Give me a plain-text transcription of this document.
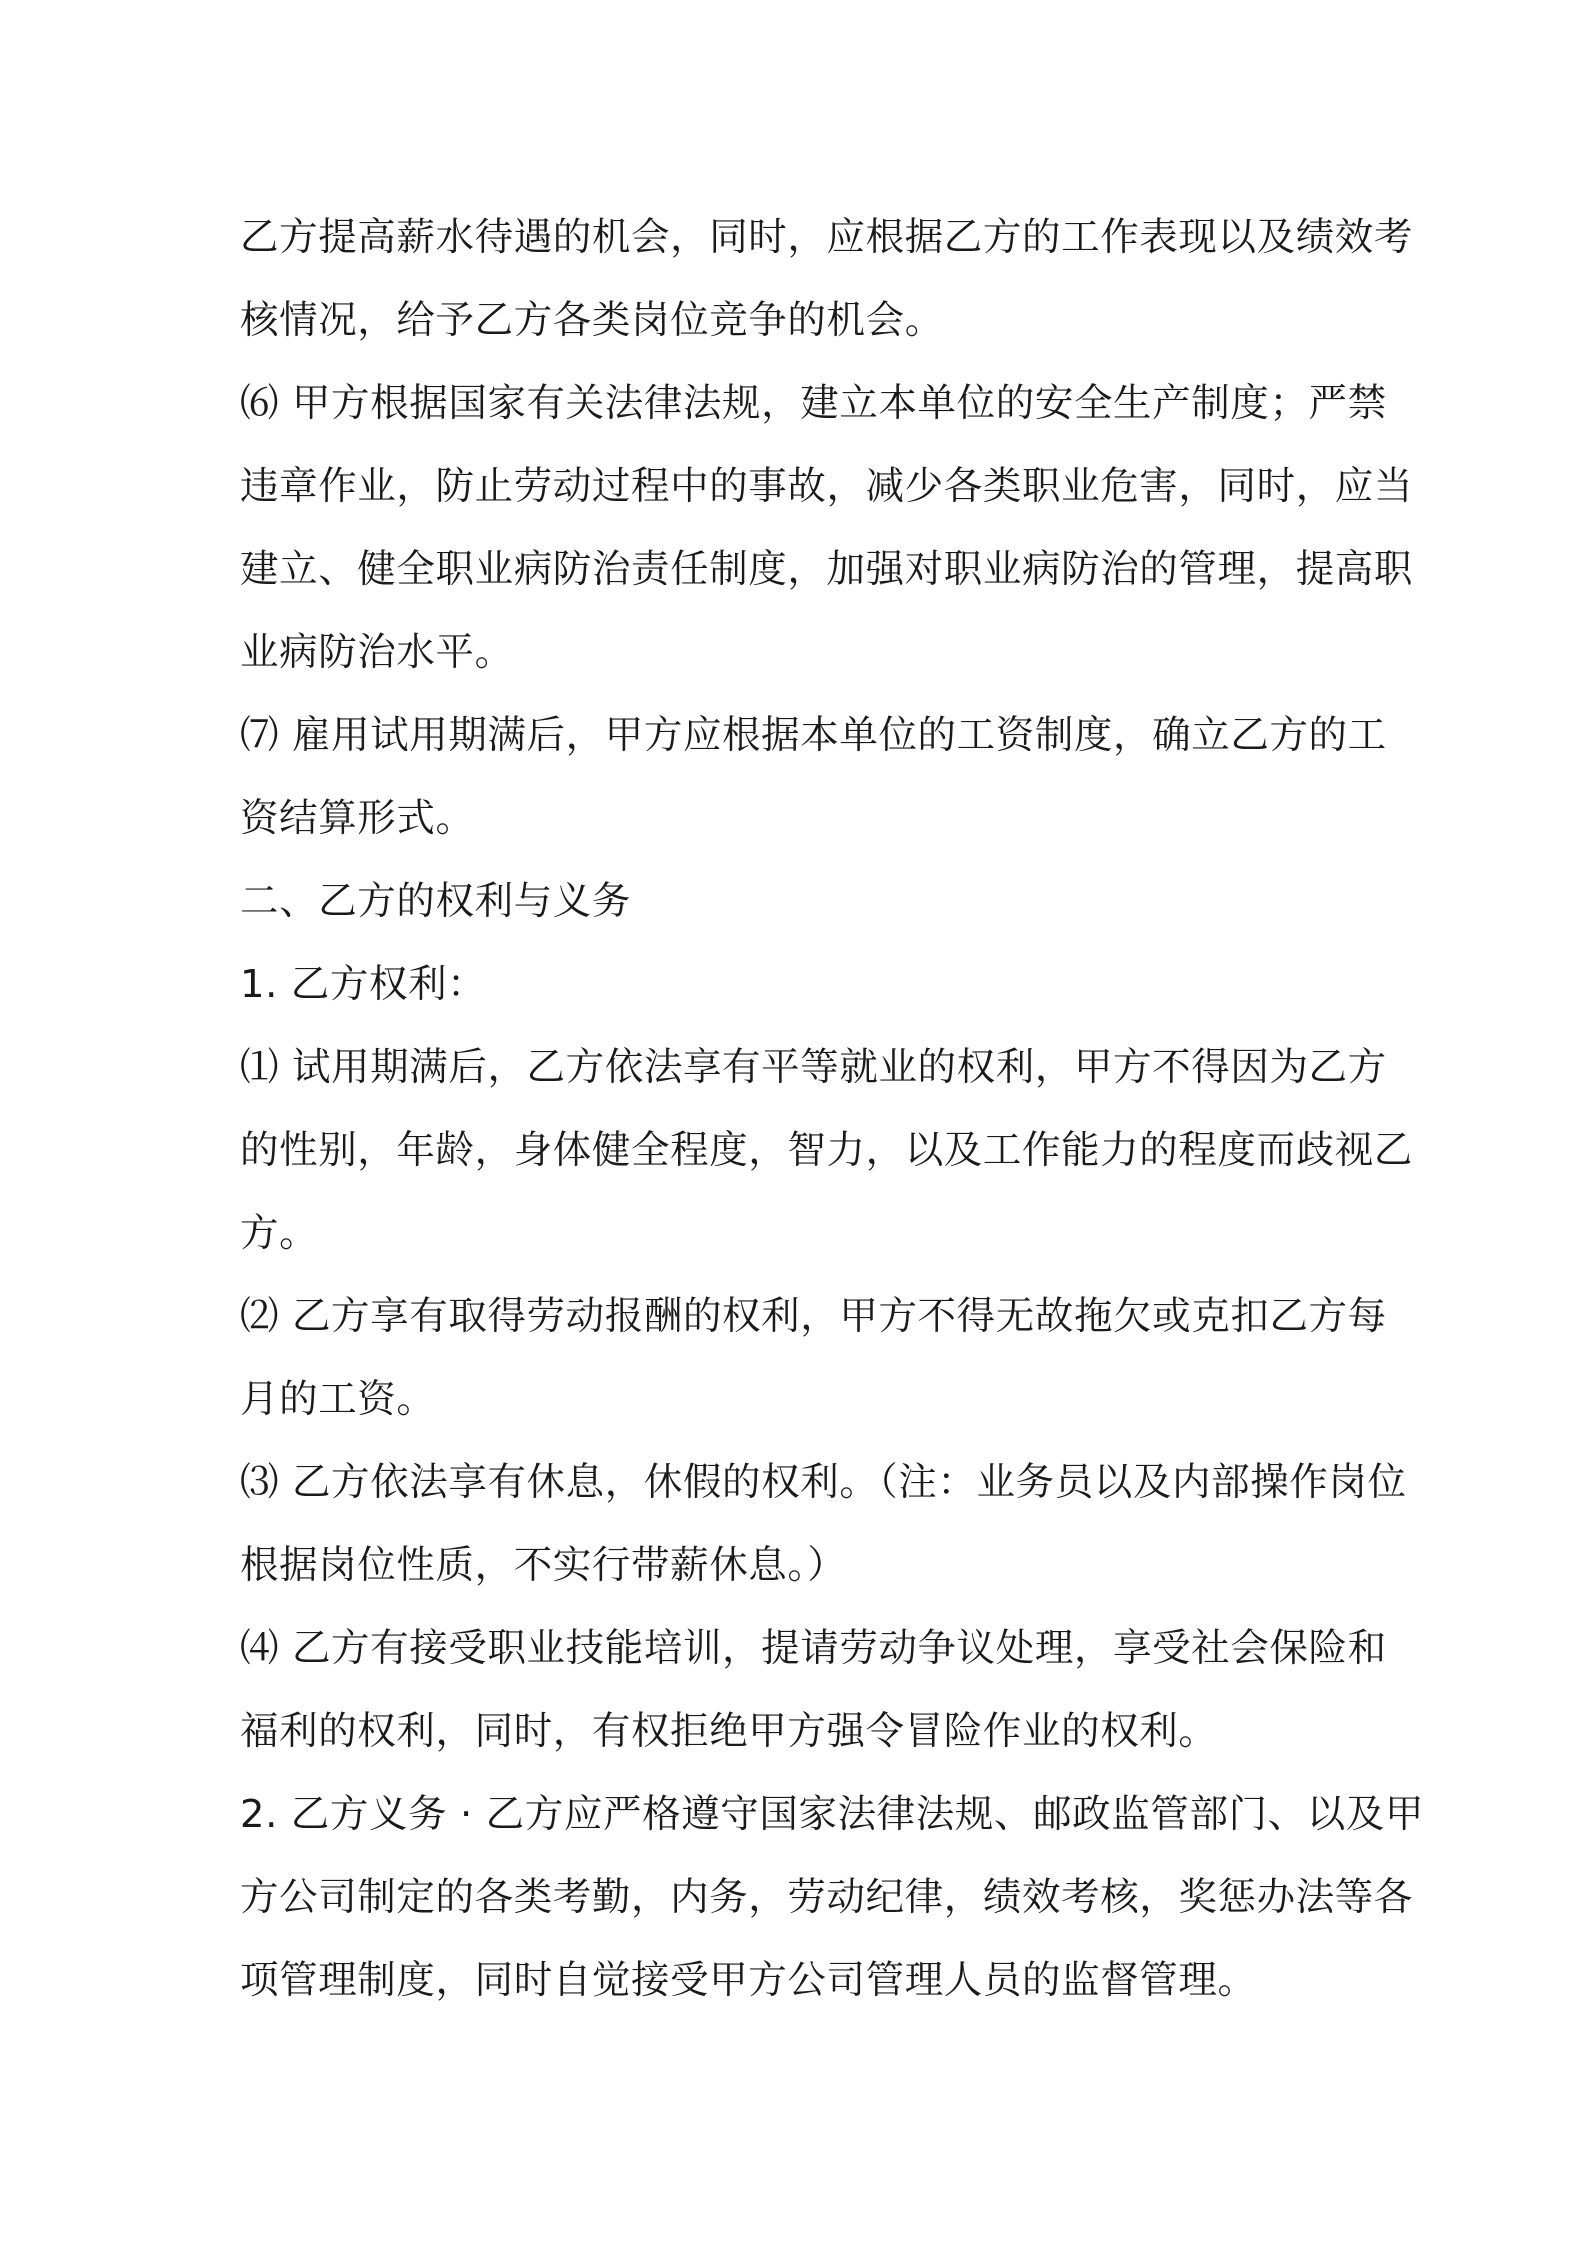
乙方提高薪水待遇的机会，同时，应根据乙方的工作表现以及绩效考
核情况，给予乙方各类岗位竞争的机会。
⑹ 甲方根据国家有关法律法规，建立本单位的安全生产制度；严禁
违章作业，防止劳动过程中的事故，减少各类职业危害，同时，应当
建立、健全职业病防治责任制度，加强对职业病防治的管理，提高职
业病防治水平。
⑺ 雇用试用期满后，甲方应根据本单位的工资制度，确立乙方的工
资结算形式。
二、乙方的权利与义务
1. 乙方权利：
⑴ 试用期满后，乙方依法享有平等就业的权利，甲方不得因为乙方
的性别，年龄，身体健全程度，智力，以及工作能力的程度而歧视乙
方。
⑵ 乙方享有取得劳动报酬的权利，甲方不得无故拖欠或克扣乙方每
月的工资。
⑶ 乙方依法享有休息，休假的权利。（注：业务员以及内部操作岗位
根据岗位性质，不实行带薪休息。）
⑷ 乙方有接受职业技能培训，提请劳动争议处理，享受社会保险和
福利的权利，同时，有权拒绝甲方强令冒险作业的权利。
2. 乙方义务 · 乙方应严格遵守国家法律法规、邮政监管部门、以及甲
方公司制定的各类考勤，内务，劳动纪律，绩效考核，奖惩办法等各
项管理制度，同时自觉接受甲方公司管理人员的监督管理。
